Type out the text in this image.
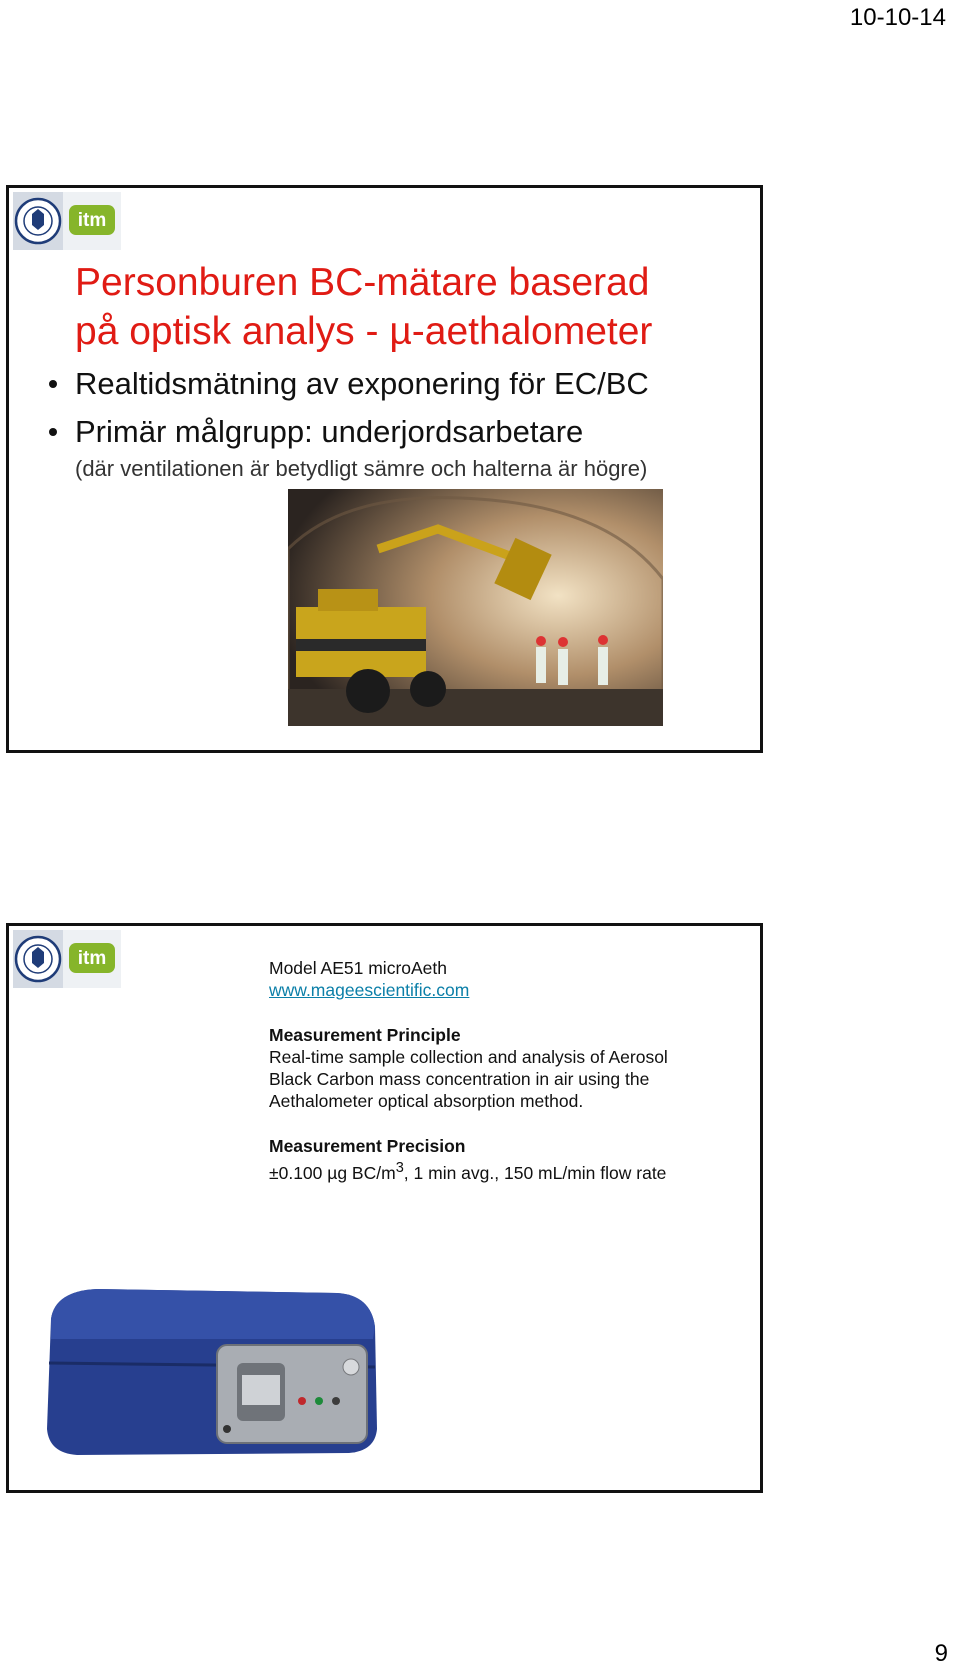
10-10-14
itm
Personburen BC-mätare baserad
på optisk analys - µ-aethalometer
Realtidsmätning av exponering för EC/BC
Primär målgrupp: underjordsarbetare
(där ventilationen är betydligt sämre och halterna är högre)
itm	Model AE51 microAeth
www.mageescientific.com
Measurement Principle
Real-time sample collection and analysis of Aerosol
Black Carbon mass concentration in air using the
Aethalometer optical absorption method.
Measurement Precision
±0.100 µg $BC/m^3$, 1 min avg., 150 mL/min flow rate
9
